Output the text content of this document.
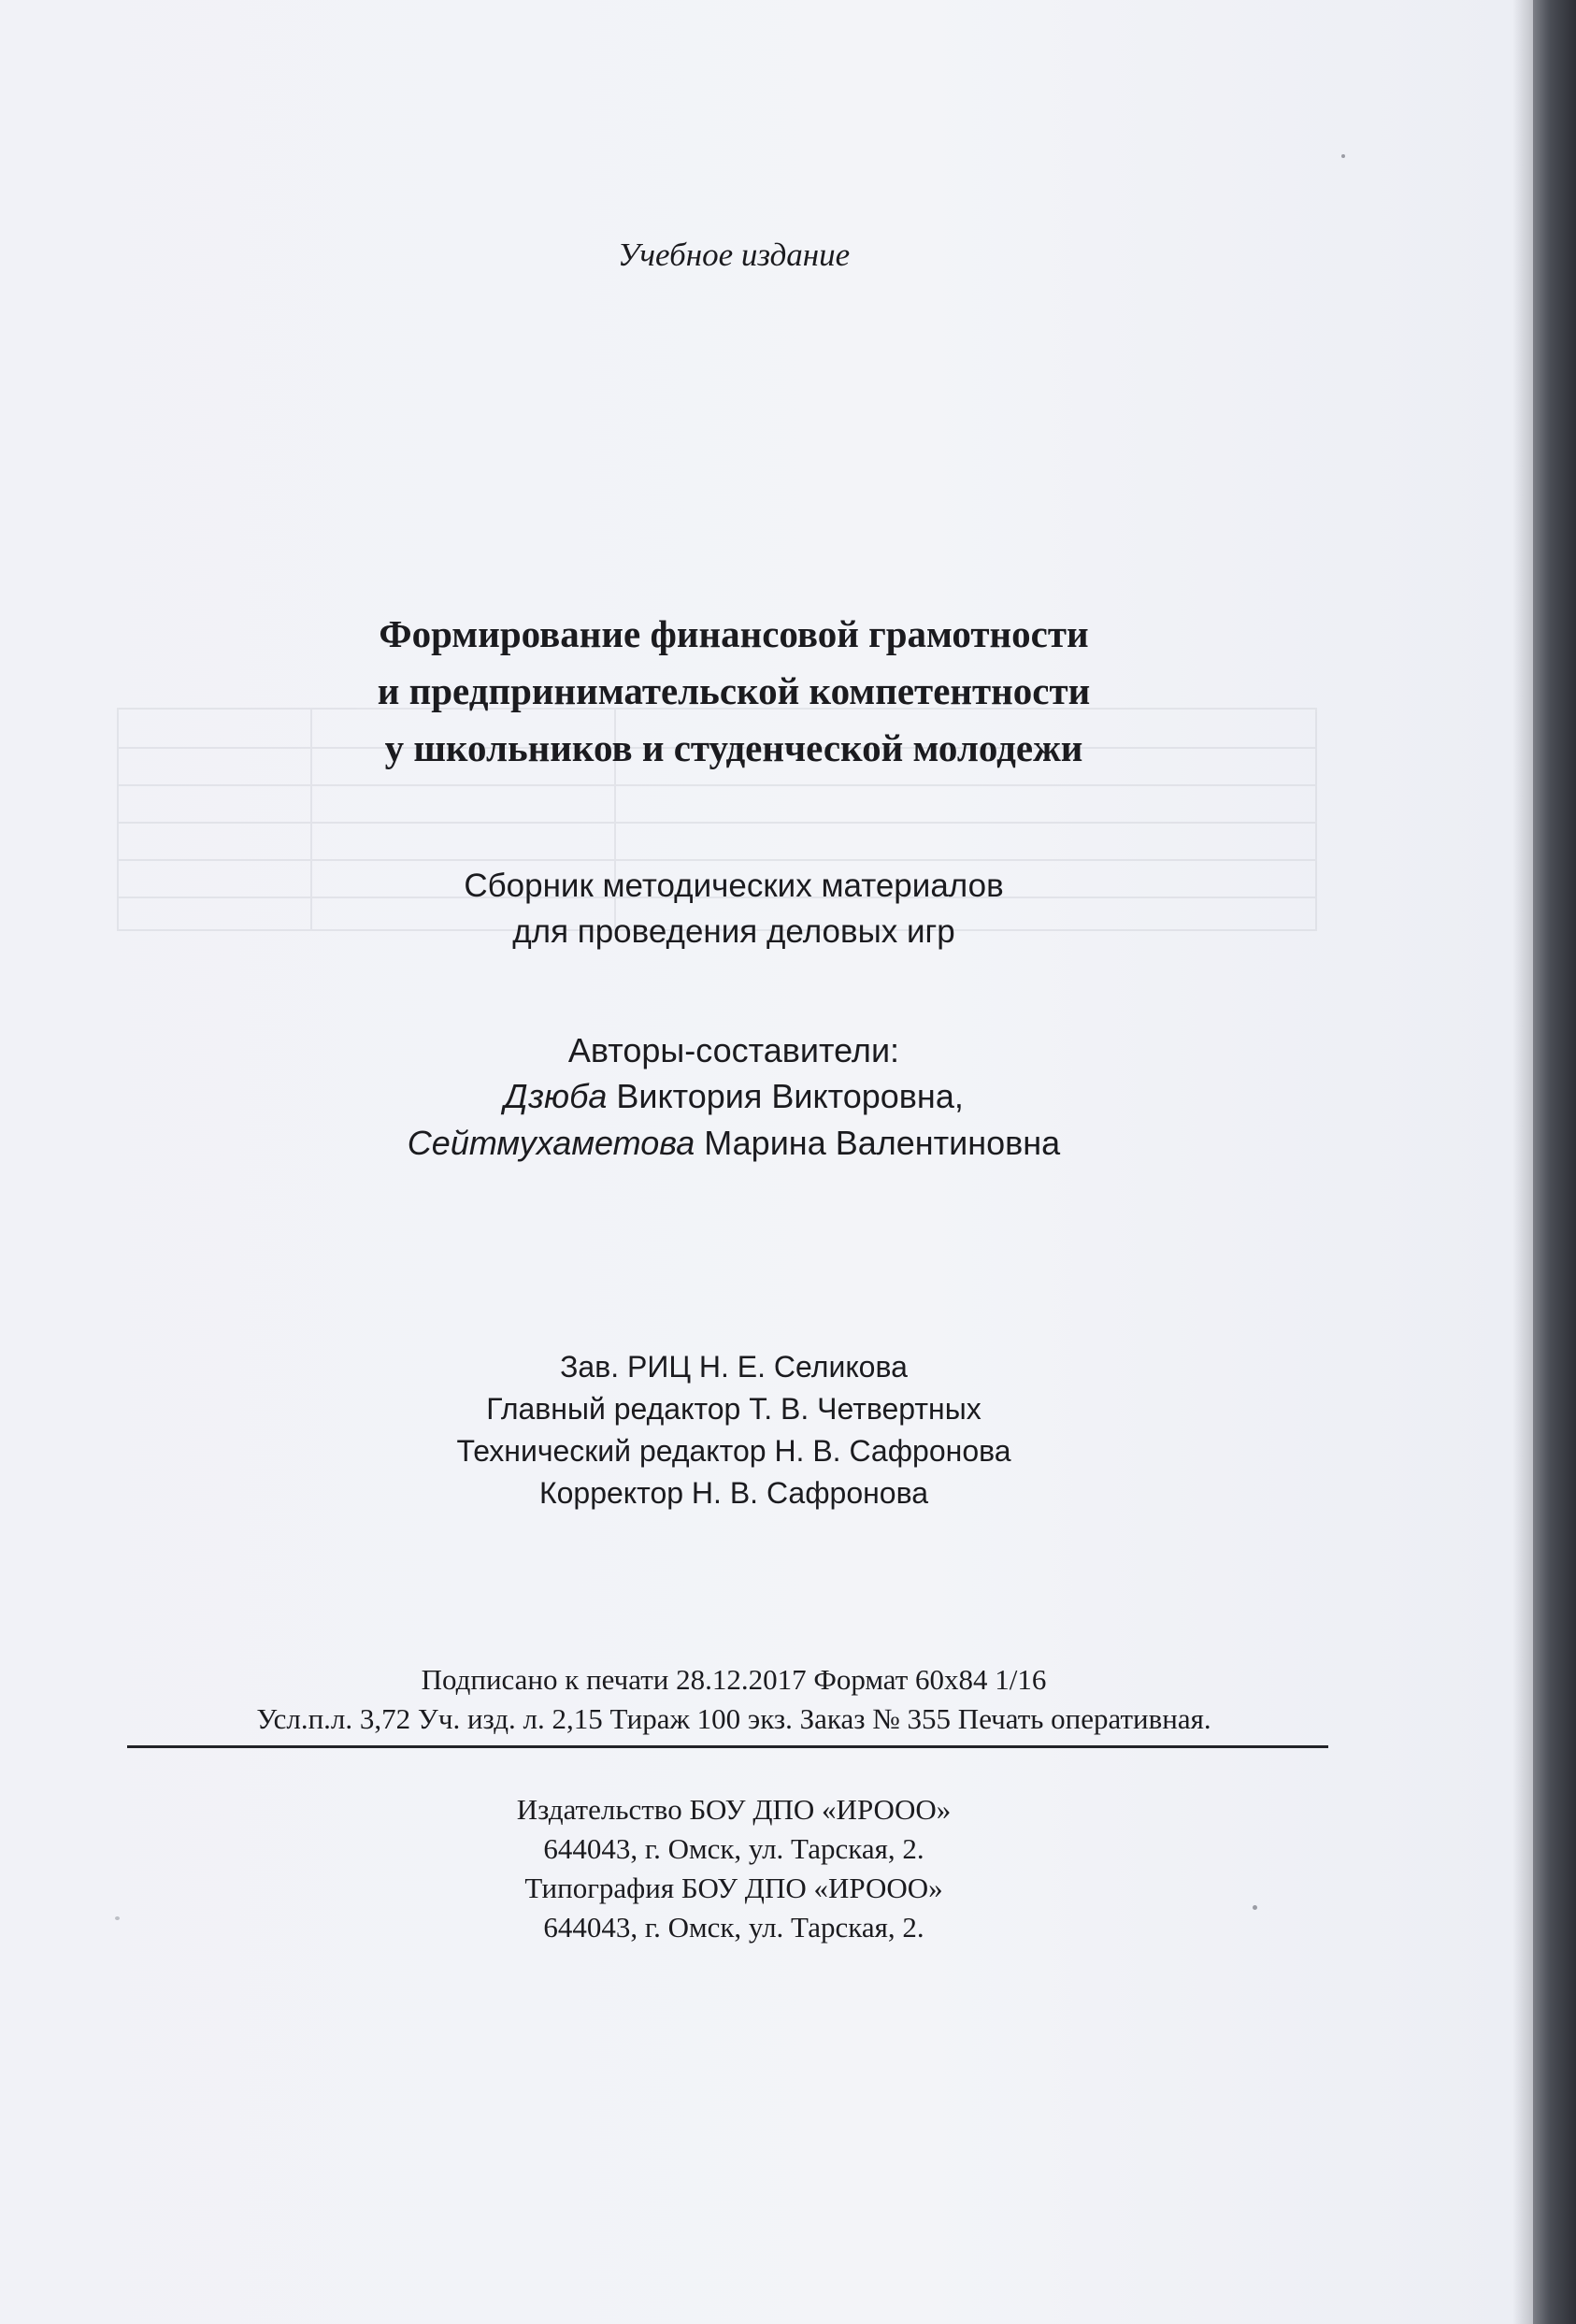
Учебное издание
Формирование финансовой грамотности
и предпринимательской компетентности
у школьников и студенческой молодежи
Сборник методических материалов
для проведения деловых игр
Авторы-составители:
Дзюба Виктория Викторовна,
Сейтмухаметова Марина Валентиновна
Зав. РИЦ Н. Е. Селикова
Главный редактор Т. В. Четвертных
Технический редактор Н. В. Сафронова
Корректор Н. В. Сафронова
Подписано к печати 28.12.2017 Формат 60х84 1/16
Усл.п.л. 3,72 Уч. изд. л. 2,15 Тираж 100 экз. Заказ № 355 Печать оперативная.
Издательство БОУ ДПО «ИРООО»
644043, г. Омск, ул. Тарская, 2.
Типография БОУ ДПО «ИРООО»
644043, г. Омск, ул. Тарская, 2.
